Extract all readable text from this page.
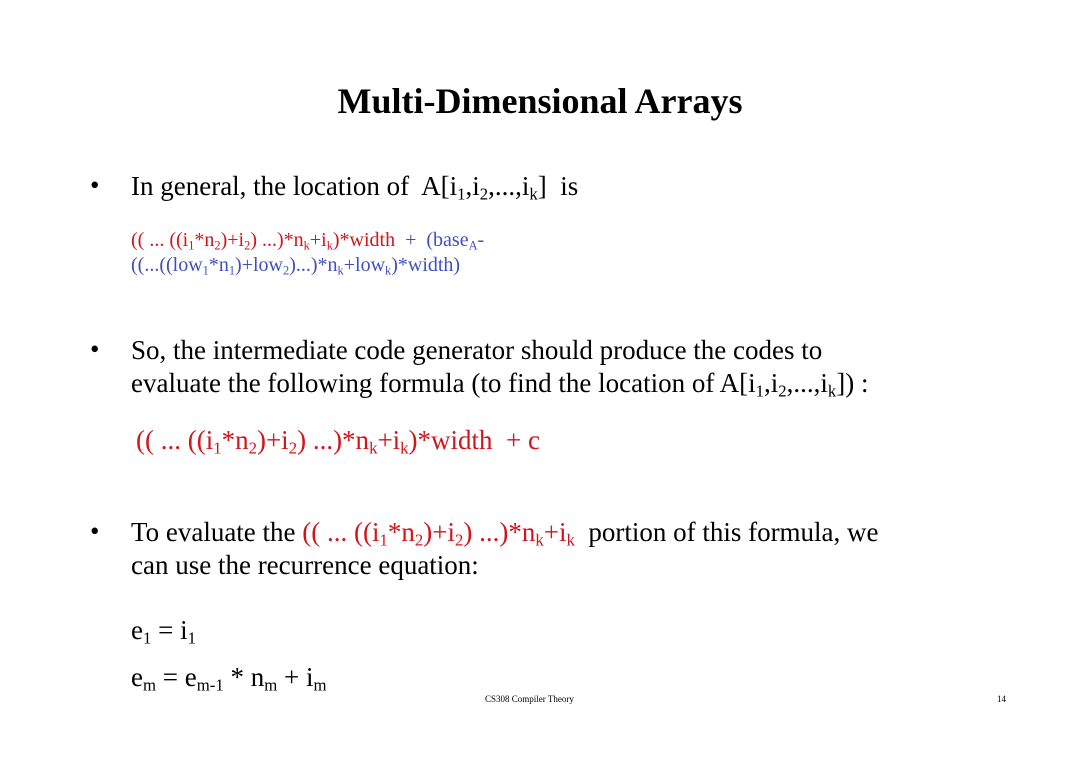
Multi-Dimensional Arrays
• In general, the location of  $A[i_1,i_2,...,i_k]$  is
(( ... $((i_1*n_2)+i_2)$ $...)*n_k+i_k)*width$  +  (base$_A$-
$((...((low_1*n_1)+low_2)...)*n_k+low_k)*width$)
• So, the intermediate code generator should produce the codes to
evaluate the following formula (to find the location of $A[i_1,i_2,...,i_k]$) :
(( ... $((i_1*n_2)+i_2)$ $...)*n_k+i_k)*width + c$
• To evaluate the (( ... $((i_1*n_2)+i_2)$ $...)*n_k+i_k$  portion of this formula, we
can use the recurrence equation:
$e_1 = i_1$
$e_m = e_{m-1} * n_m + i_m$
CS308 Compiler Theory	14
